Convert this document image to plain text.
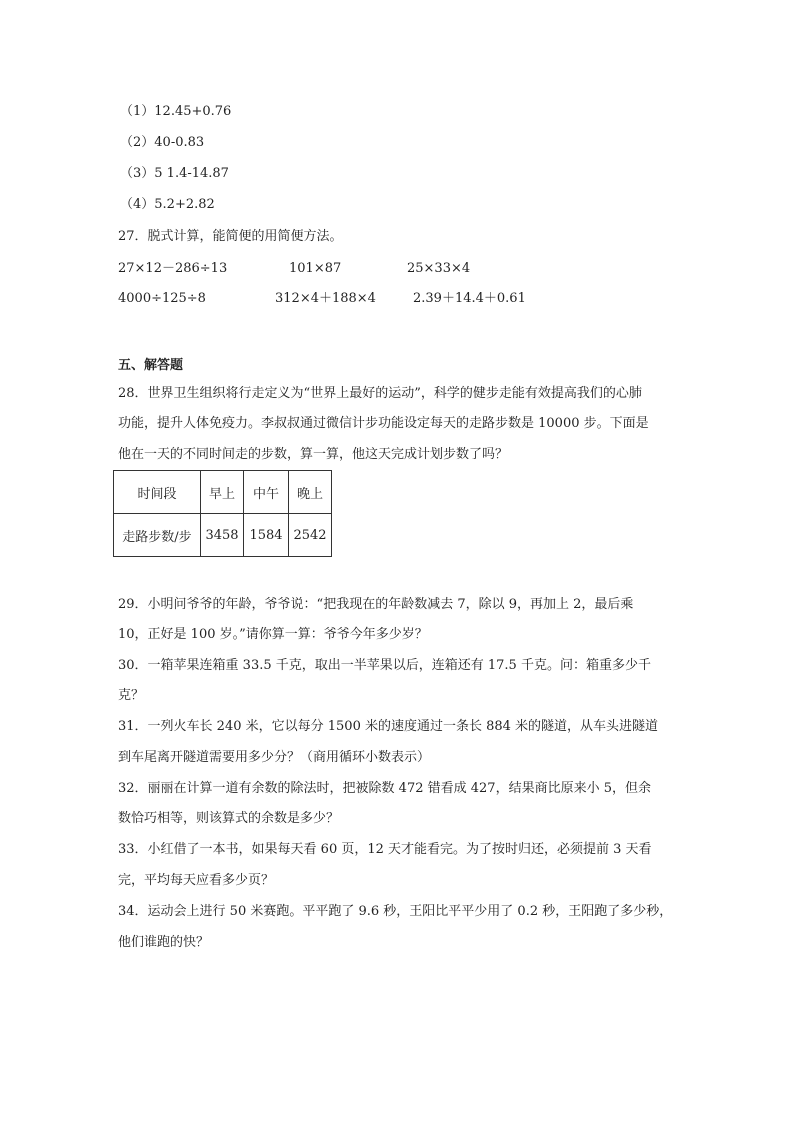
（1）12.45+0.76
（2）40-0.83
（3）5 1.4-14.87
（4）5.2+2.82
27．脱式计算，能简便的用简便方法。
27×12－286÷13	101×87	25×33×4
4000÷125÷8	312×4＋188×4	2.39＋14.4＋0.61
五、解答题
28．世界卫生组织将行走定义为“世界上最好的运动”，科学的健步走能有效提高我们的心肺
功能，提升人体免疫力。李叔叔通过微信计步功能设定每天的走路步数是 10000 步。下面是
他在一天的不同时间走的步数，算一算，他这天完成计划步数了吗？
时间段	早上	中午	晚上
走路步数/步	3458	1584	2542
29．小明问爷爷的年龄，爷爷说：“把我现在的年龄数减去 7，除以 9，再加上 2，最后乘
10，正好是 100 岁。”请你算一算：爷爷今年多少岁？
30．一箱苹果连箱重 33.5 千克，取出一半苹果以后，连箱还有 17.5 千克。问：箱重多少千
克？
31．一列火车长 240 米，它以每分 1500 米的速度通过一条长 884 米的隧道，从车头进隧道
到车尾离开隧道需要用多少分？（商用循环小数表示）
32．丽丽在计算一道有余数的除法时，把被除数 472 错看成 427，结果商比原来小 5，但余
数恰巧相等，则该算式的余数是多少？
33．小红借了一本书，如果每天看 60 页，12 天才能看完。为了按时归还，必须提前 3 天看
完，平均每天应看多少页？
34．运动会上进行 50 米赛跑。平平跑了 9.6 秒，王阳比平平少用了 0.2 秒，王阳跑了多少秒，
他们谁跑的快？
